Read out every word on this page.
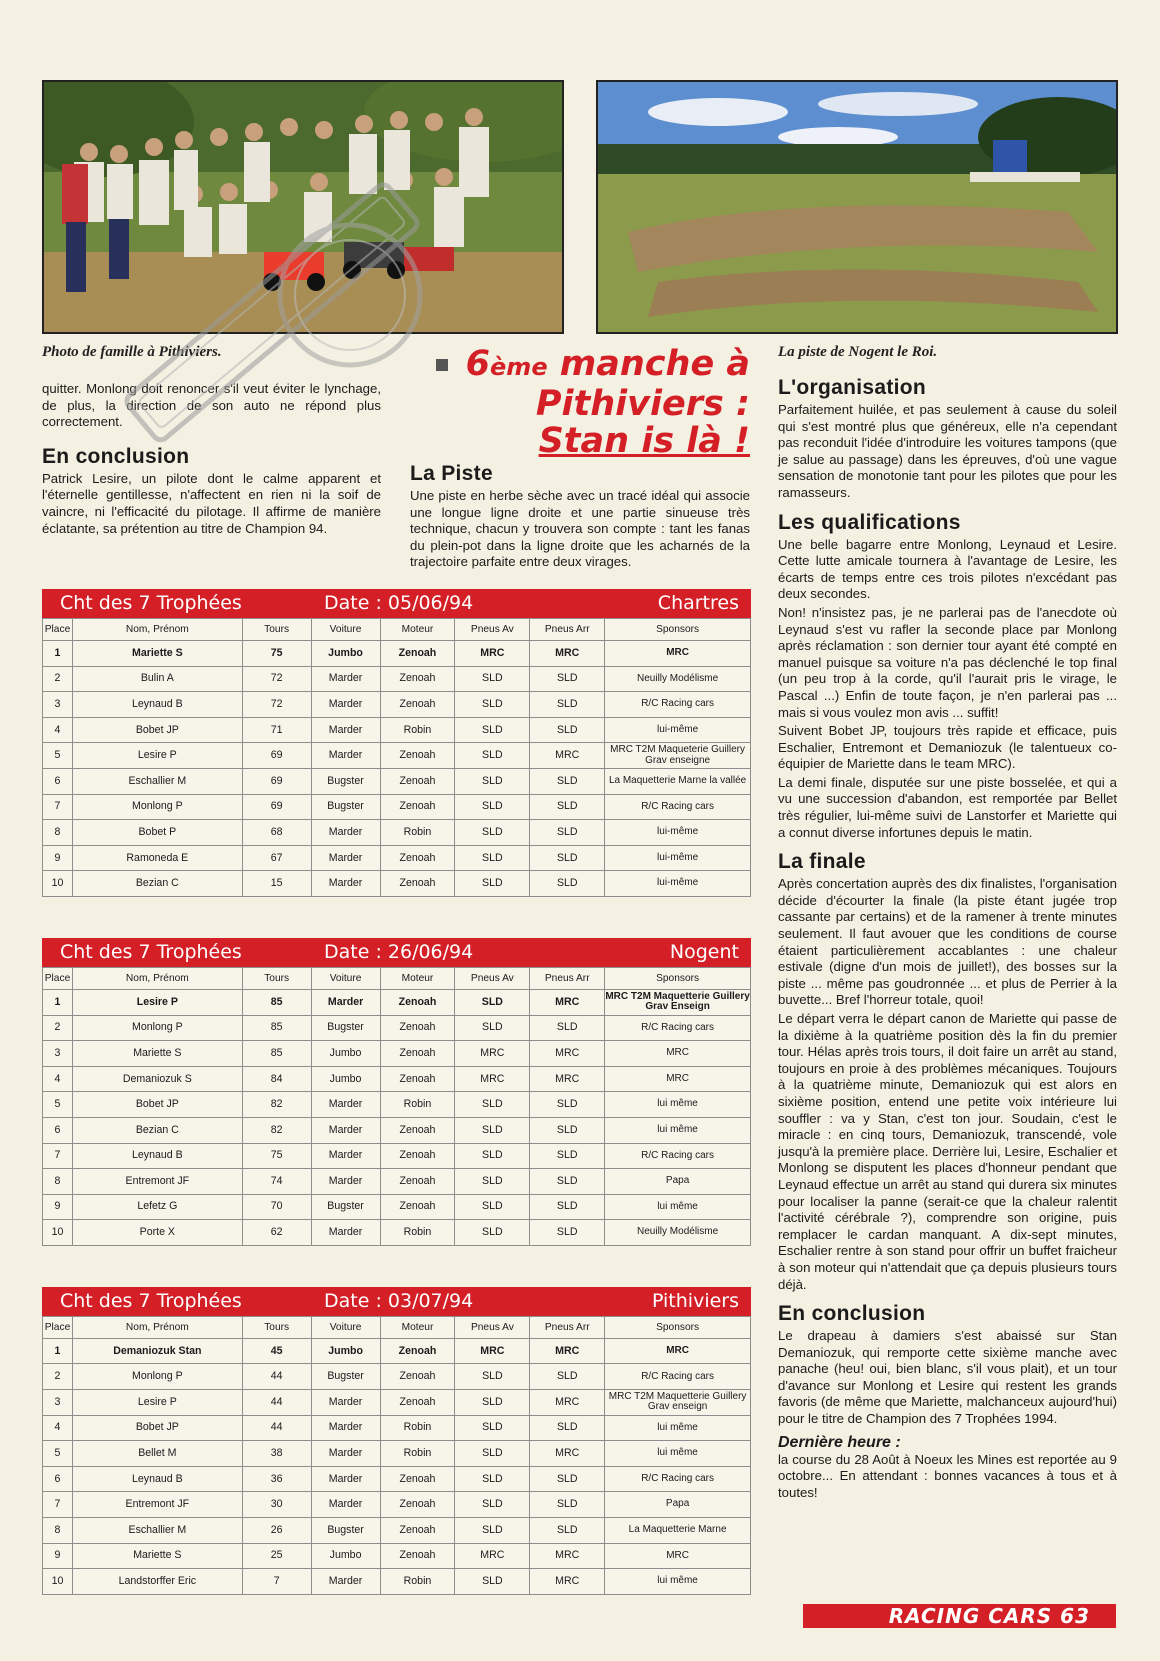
Photo de famille à Pithiviers.	La piste de Nogent le Roi.

quitter. Monlong doit renoncer s'il veut éviter le lynchage, de plus, la direction de son auto ne répond plus correctement.

En conclusion

Patrick Lesire, un pilote dont le calme apparent et l'éternelle gentillesse, n'affectent en rien ni la soif de vaincre, ni l'efficacité du pilotage. Il affirme de manière éclatante, sa prétention au titre de Champion 94.

6ème manche à
Pithiviers :
Stan is là !
La Piste

Une piste en herbe sèche avec un tracé idéal qui associe une longue ligne droite et une partie sinueuse très technique, chacun y trouvera son compte : tant les fanas du plein-pot dans la ligne droite que les acharnés de la trajectoire parfaite entre deux virages.

Cht des 7 Trophées	Date : 05/06/94	Chartres
Place	Nom, Prénom	Tours	Voiture	Moteur	Pneus Av	Pneus Arr	Sponsors
1	Mariette S	75	Jumbo	Zenoah	MRC	MRC	MRC
2	Bulin A	72	Marder	Zenoah	SLD	SLD	Neuilly Modélisme
3	Leynaud B	72	Marder	Zenoah	SLD	SLD	R/C Racing cars
4	Bobet JP	71	Marder	Robin	SLD	SLD	lui-même
5	Lesire P	69	Marder	Zenoah	SLD	MRC	MRC T2M Maqueterie Guillery Grav enseigne
6	Eschallier M	69	Bugster	Zenoah	SLD	SLD	La Maquetterie Marne la vallée
7	Monlong P	69	Bugster	Zenoah	SLD	SLD	R/C Racing cars
8	Bobet P	68	Marder	Robin	SLD	SLD	lui-même
9	Ramoneda E	67	Marder	Zenoah	SLD	SLD	lui-même
10	Bezian C	15	Marder	Zenoah	SLD	SLD	lui-même
Cht des 7 Trophées	Date : 26/06/94	Nogent
Place	Nom, Prénom	Tours	Voiture	Moteur	Pneus Av	Pneus Arr	Sponsors
1	Lesire P	85	Marder	Zenoah	SLD	MRC	MRC T2M Maquetterie Guillery Grav Enseign
2	Monlong P	85	Bugster	Zenoah	SLD	SLD	R/C Racing cars
3	Mariette S	85	Jumbo	Zenoah	MRC	MRC	MRC
4	Demaniozuk S	84	Jumbo	Zenoah	MRC	MRC	MRC
5	Bobet JP	82	Marder	Robin	SLD	SLD	lui même
6	Bezian C	82	Marder	Zenoah	SLD	SLD	lui même
7	Leynaud B	75	Marder	Zenoah	SLD	SLD	R/C Racing cars
8	Entremont JF	74	Marder	Zenoah	SLD	SLD	Papa
9	Lefetz G	70	Bugster	Zenoah	SLD	SLD	lui même
10	Porte X	62	Marder	Robin	SLD	SLD	Neuilly Modélisme
Cht des 7 Trophées	Date : 03/07/94	Pithiviers
Place	Nom, Prénom	Tours	Voiture	Moteur	Pneus Av	Pneus Arr	Sponsors
1	Demaniozuk Stan	45	Jumbo	Zenoah	MRC	MRC	MRC
2	Monlong P	44	Bugster	Zenoah	SLD	SLD	R/C Racing cars
3	Lesire P	44	Marder	Zenoah	SLD	MRC	MRC T2M Maquetterie Guillery Grav enseign
4	Bobet JP	44	Marder	Robin	SLD	SLD	lui même
5	Bellet M	38	Marder	Robin	SLD	MRC	lui même
6	Leynaud B	36	Marder	Zenoah	SLD	SLD	R/C Racing cars
7	Entremont JF	30	Marder	Zenoah	SLD	SLD	Papa
8	Eschallier M	26	Bugster	Zenoah	SLD	SLD	La Maquetterie Marne
9	Mariette S	25	Jumbo	Zenoah	MRC	MRC	MRC
10	Landstorffer Eric	7	Marder	Robin	SLD	MRC	lui même
L'organisation

Parfaitement huilée, et pas seulement à cause du soleil qui s'est montré plus que généreux, elle n'a cependant pas reconduit l'idée d'introduire les voitures tampons (que je salue au passage) dans les épreuves, d'où une vague sensation de monotonie tant pour les pilotes que pour les ramasseurs.

Les qualifications

Une belle bagarre entre Monlong, Leynaud et Lesire. Cette lutte amicale tournera à l'avantage de Lesire, les écarts de temps entre ces trois pilotes n'excédant pas deux secondes.

Non! n'insistez pas, je ne parlerai pas de l'anecdote où Leynaud s'est vu rafler la seconde place par Monlong après réclamation : son dernier tour ayant été compté en manuel puisque sa voiture n'a pas déclenché le top final (un peu trop à la corde, qu'il l'aurait pris le virage, le Pascal ...) Enfin de toute façon, je n'en parlerai pas ... mais si vous voulez mon avis ... suffit!

Suivent Bobet JP, toujours très rapide et efficace, puis Eschalier, Entremont et Demaniozuk (le talentueux co-équipier de Mariette dans le team MRC).

La demi finale, disputée sur une piste bosselée, et qui a vu une succession d'abandon, est remportée par Bellet très régulier, lui-même suivi de Lanstorfer et Mariette qui a connut diverse infortunes depuis le matin.

La finale

Après concertation auprès des dix finalistes, l'organisation décide d'écourter la finale (la piste étant jugée trop cassante par certains) et de la ramener à trente minutes seulement. Il faut avouer que les conditions de course étaient particulièrement accablantes : une chaleur estivale (digne d'un mois de juillet!), des bosses sur la piste ... même pas goudronnée ... et plus de Perrier à la buvette... Bref l'horreur totale, quoi!

Le départ verra le départ canon de Mariette qui passe de la dixième à la quatrième position dès la fin du premier tour. Hélas après trois tours, il doit faire un arrêt au stand, toujours en proie à des problèmes mécaniques. Toujours à la quatrième minute, Demaniozuk qui est alors en sixième position, entend une petite voix intérieure lui souffler : va y Stan, c'est ton jour. Soudain, c'est le miracle : en cinq tours, Demaniozuk, transcendé, vole jusqu'à la première place. Derrière lui, Lesire, Eschalier et Monlong se disputent les places d'honneur pendant que Leynaud effectue un arrêt au stand qui durera six minutes pour localiser la panne (serait-ce que la chaleur ralentit l'activité cérébrale ?), comprendre son origine, puis remplacer le cardan manquant. A dix-sept minutes, Eschalier rentre à son stand pour offrir un buffet fraicheur à son moteur qui n'attendait que ça depuis plusieurs tours déjà.

En conclusion

Le drapeau à damiers s'est abaissé sur Stan Demaniozuk, qui remporte cette sixième manche avec panache (heu! oui, bien blanc, s'il vous plait), et un tour d'avance sur Monlong et Lesire qui restent les grands favoris (de même que Mariette, malchanceux aujourd'hui) pour le titre de Champion des 7 Trophées 1994.

Dernière heure :

la course du 28 Août à Noeux les Mines est reportée au 9 octobre... En attendant : bonnes vacances à tous et à toutes!

RACING CARS 63
